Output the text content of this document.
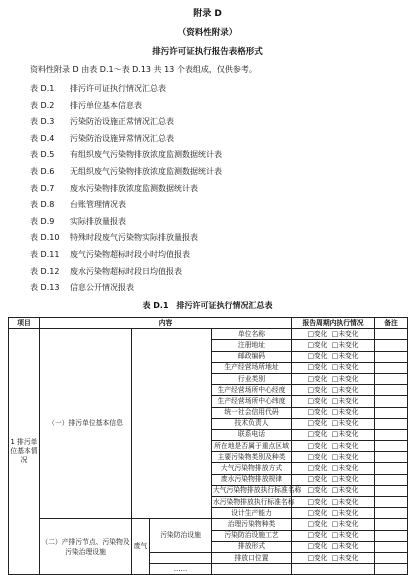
附录 D
（资料性附录）
排污许可证执行报告表格形式
资料性附录 D 由表 D.1～表 D.13 共 13 个表组成，仅供参考。
表 D.1 排污许可证执行情况汇总表
表 D.2 排污单位基本信息表
表 D.3 污染防治设施正常情况汇总表
表 D.4 污染防治设施异常情况汇总表
表 D.5 有组织废气污染物排放浓度监测数据统计表
表 D.6 无组织废气污染物排放浓度监测数据统计表
表 D.7 废水污染物排放浓度监测数据统计表
表 D.8 台账管理情况表
表 D.9 实际排放量报表
表 D.10 特殊时段废气污染物实际排放量报表
表 D.11 废气污染物超标时段小时均值报表
表 D.12 废水污染物超标时段日均值报表
表 D.13 信息公开情况报表
表 D.1　排污许可证执行情况汇总表
项目	内容				报告周期内执行情况	备注
1 排污单位基本情况	（一）排污单位基本信息			单位名称	□变化 □未变化	
				注册地址	□变化 □未变化	
				邮政编码	□变化 □未变化	
				生产经营场所地址	□变化 □未变化	
				行业类别	□变化 □未变化	
				生产经营场所中心经度	□变化 □未变化	
				生产经营场所中心纬度	□变化 □未变化	
				统一社会信用代码	□变化 □未变化	
				技术负责人	□变化 □未变化	
				联系电话	□变化 □未变化	
				所在地是否属于重点区域	□变化 □未变化	
				主要污染物类别及种类	□变化 □未变化	
				大气污染物排放方式	□变化 □未变化	
				废水污染物排放规律	□变化 □未变化	
				大气污染物排放执行标准名称	□变化 □未变化	
				水污染物排放执行标准名称	□变化 □未变化	
				设计生产能力	□变化 □未变化	
	（二）产排污节点、污染物及污染治理设施	废气	污染防治设施	治理污染物种类	□变化 □未变化	
				污染防治设施工艺	□变化 □未变化	
				排放形式	□变化 □未变化	
				排放口位置	□变化 □未变化	
			……			
